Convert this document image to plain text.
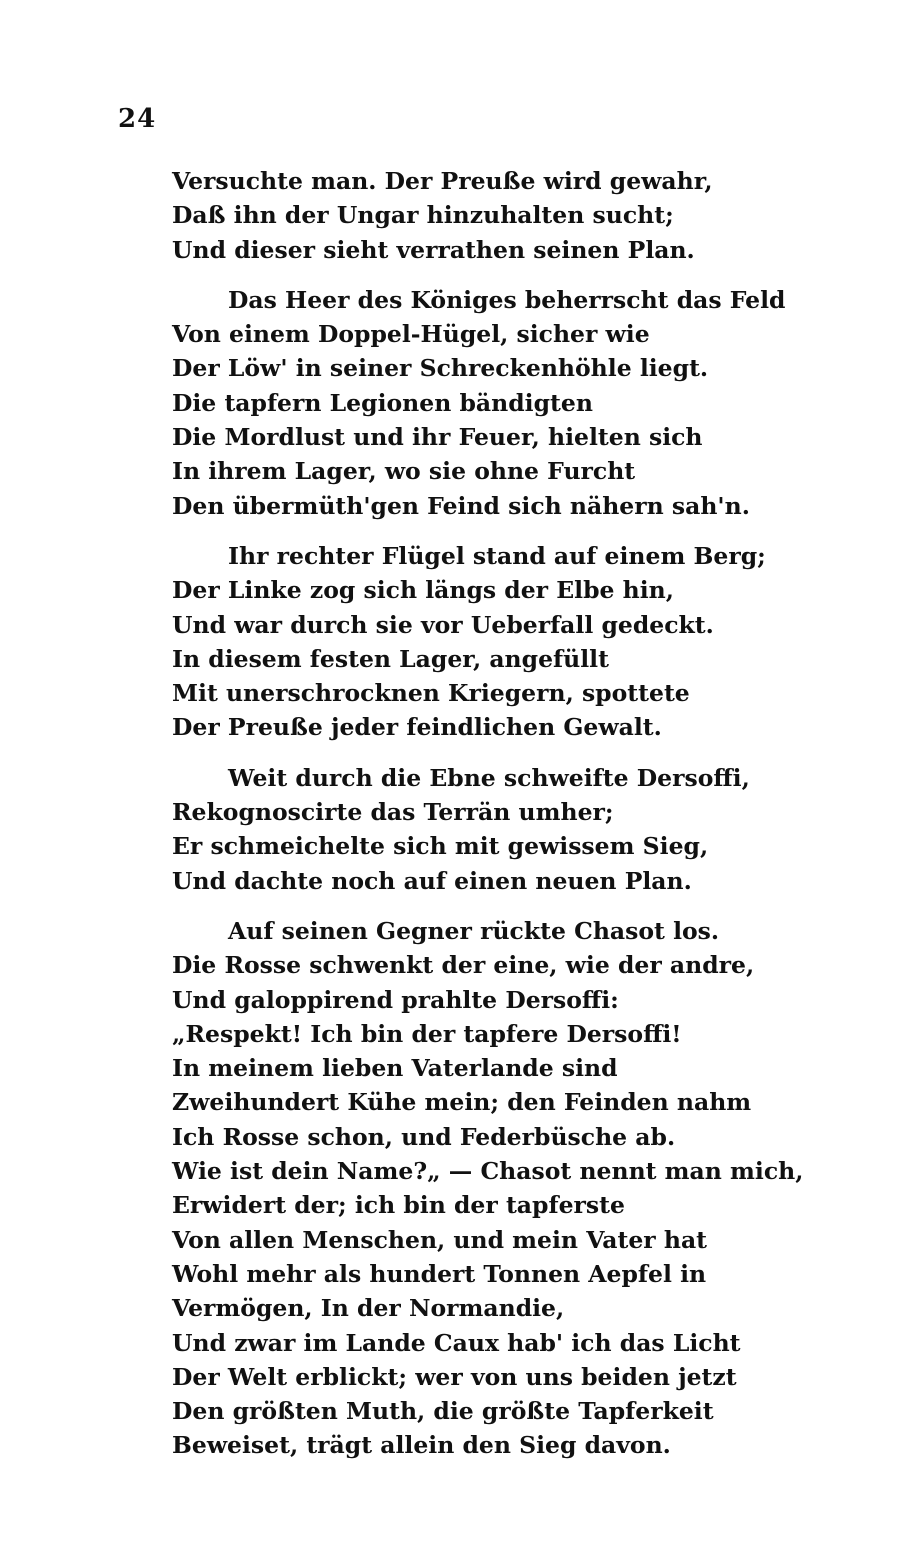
24
Versuchte man. Der Preuße wird gewahr,
Daß ihn der Ungar hinzuhalten sucht;
Und dieser sieht verrathen seinen Plan.
Das Heer des Königes beherrscht das Feld
Von einem Doppel-Hügel, sicher wie
Der Löw' in seiner Schreckenhöhle liegt.
Die tapfern Legionen bändigten
Die Mordlust und ihr Feuer, hielten sich
In ihrem Lager, wo sie ohne Furcht
Den übermüth'gen Feind sich nähern sah'n.
Ihr rechter Flügel stand auf einem Berg;
Der Linke zog sich längs der Elbe hin,
Und war durch sie vor Ueberfall gedeckt.
In diesem festen Lager, angefüllt
Mit unerschrocknen Kriegern, spottete
Der Preuße jeder feindlichen Gewalt.
Weit durch die Ebne schweifte Dersoffi,
Rekognoscirte das Terrän umher;
Er schmeichelte sich mit gewissem Sieg,
Und dachte noch auf einen neuen Plan.
Auf seinen Gegner rückte Chasot los.
Die Rosse schwenkt der eine, wie der andre,
Und galoppirend prahlte Dersoffi:
„Respekt! Ich bin der tapfere Dersoffi!
In meinem lieben Vaterlande sind
Zweihundert Kühe mein; den Feinden nahm
Ich Rosse schon, und Federbüsche ab.
Wie ist dein Name?„ — Chasot nennt man mich,
Erwidert der; ich bin der tapferste
Von allen Menschen, und mein Vater hat
Wohl mehr als hundert Tonnen Aepfel in
Vermögen, In der Normandie,
Und zwar im Lande Caux hab' ich das Licht
Der Welt erblickt; wer von uns beiden jetzt
Den größten Muth, die größte Tapferkeit
Beweiset, trägt allein den Sieg davon.
